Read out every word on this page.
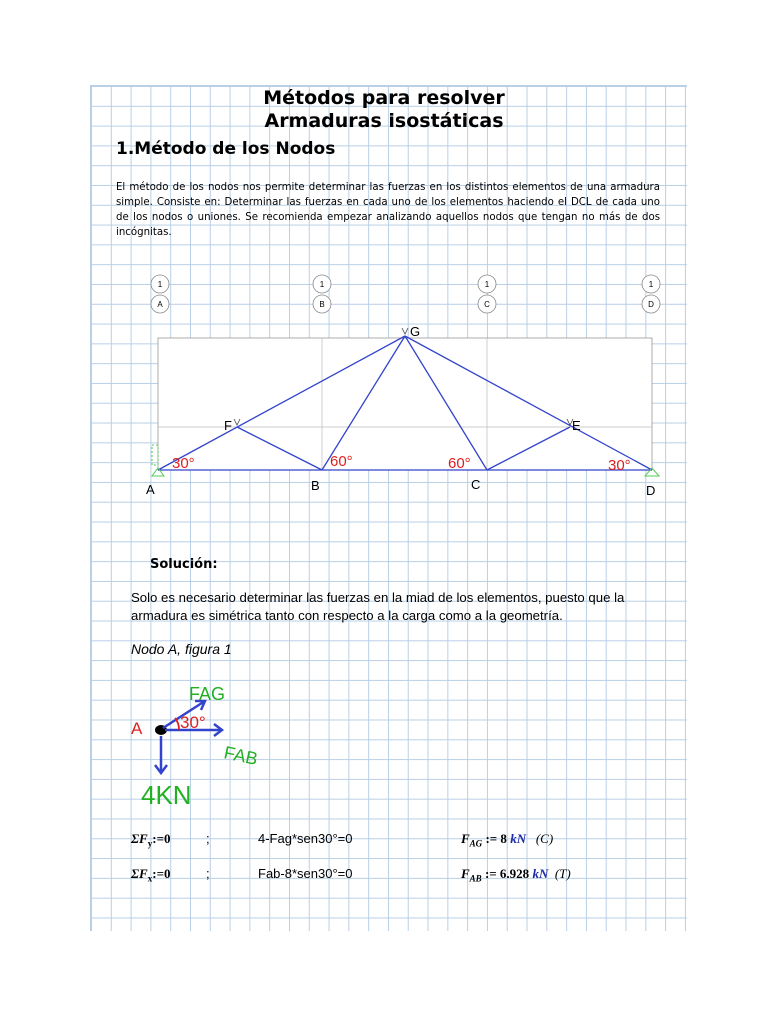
Métodos para resolver
Armaduras isostáticas
1.Método de los Nodos
El método de los nodos nos permite determinar las fuerzas en los distintos elementos de una armadura simple. Consiste en: Determinar las fuerzas en cada uno de los elementos haciendo el DCL de cada uno de los nodos o uniones. Se recomienda empezar analizando aquellos nodos que tengan no más de dos incógnitas.
1
A
1
B
1
C
1
D
A	B	C	D
E
F
G
30°	60°	60°	30°
Solución:
Solo es necesario determinar las fuerzas en la miad de los elementos, puesto que la armadura es simétrica tanto con respecto a la carga como a la geometría.
Nodo A, figura 1
A 30°
FAG
FAB
4KN
$\Sigma F_y:=0$	;	4-Fag*sen30°=0	$F_{AG}$ := 8 kN (C)
$\Sigma F_x:=0$	;	Fab-8*sen30°=0	$F_{AB}$ := 6.928 kN (T)
